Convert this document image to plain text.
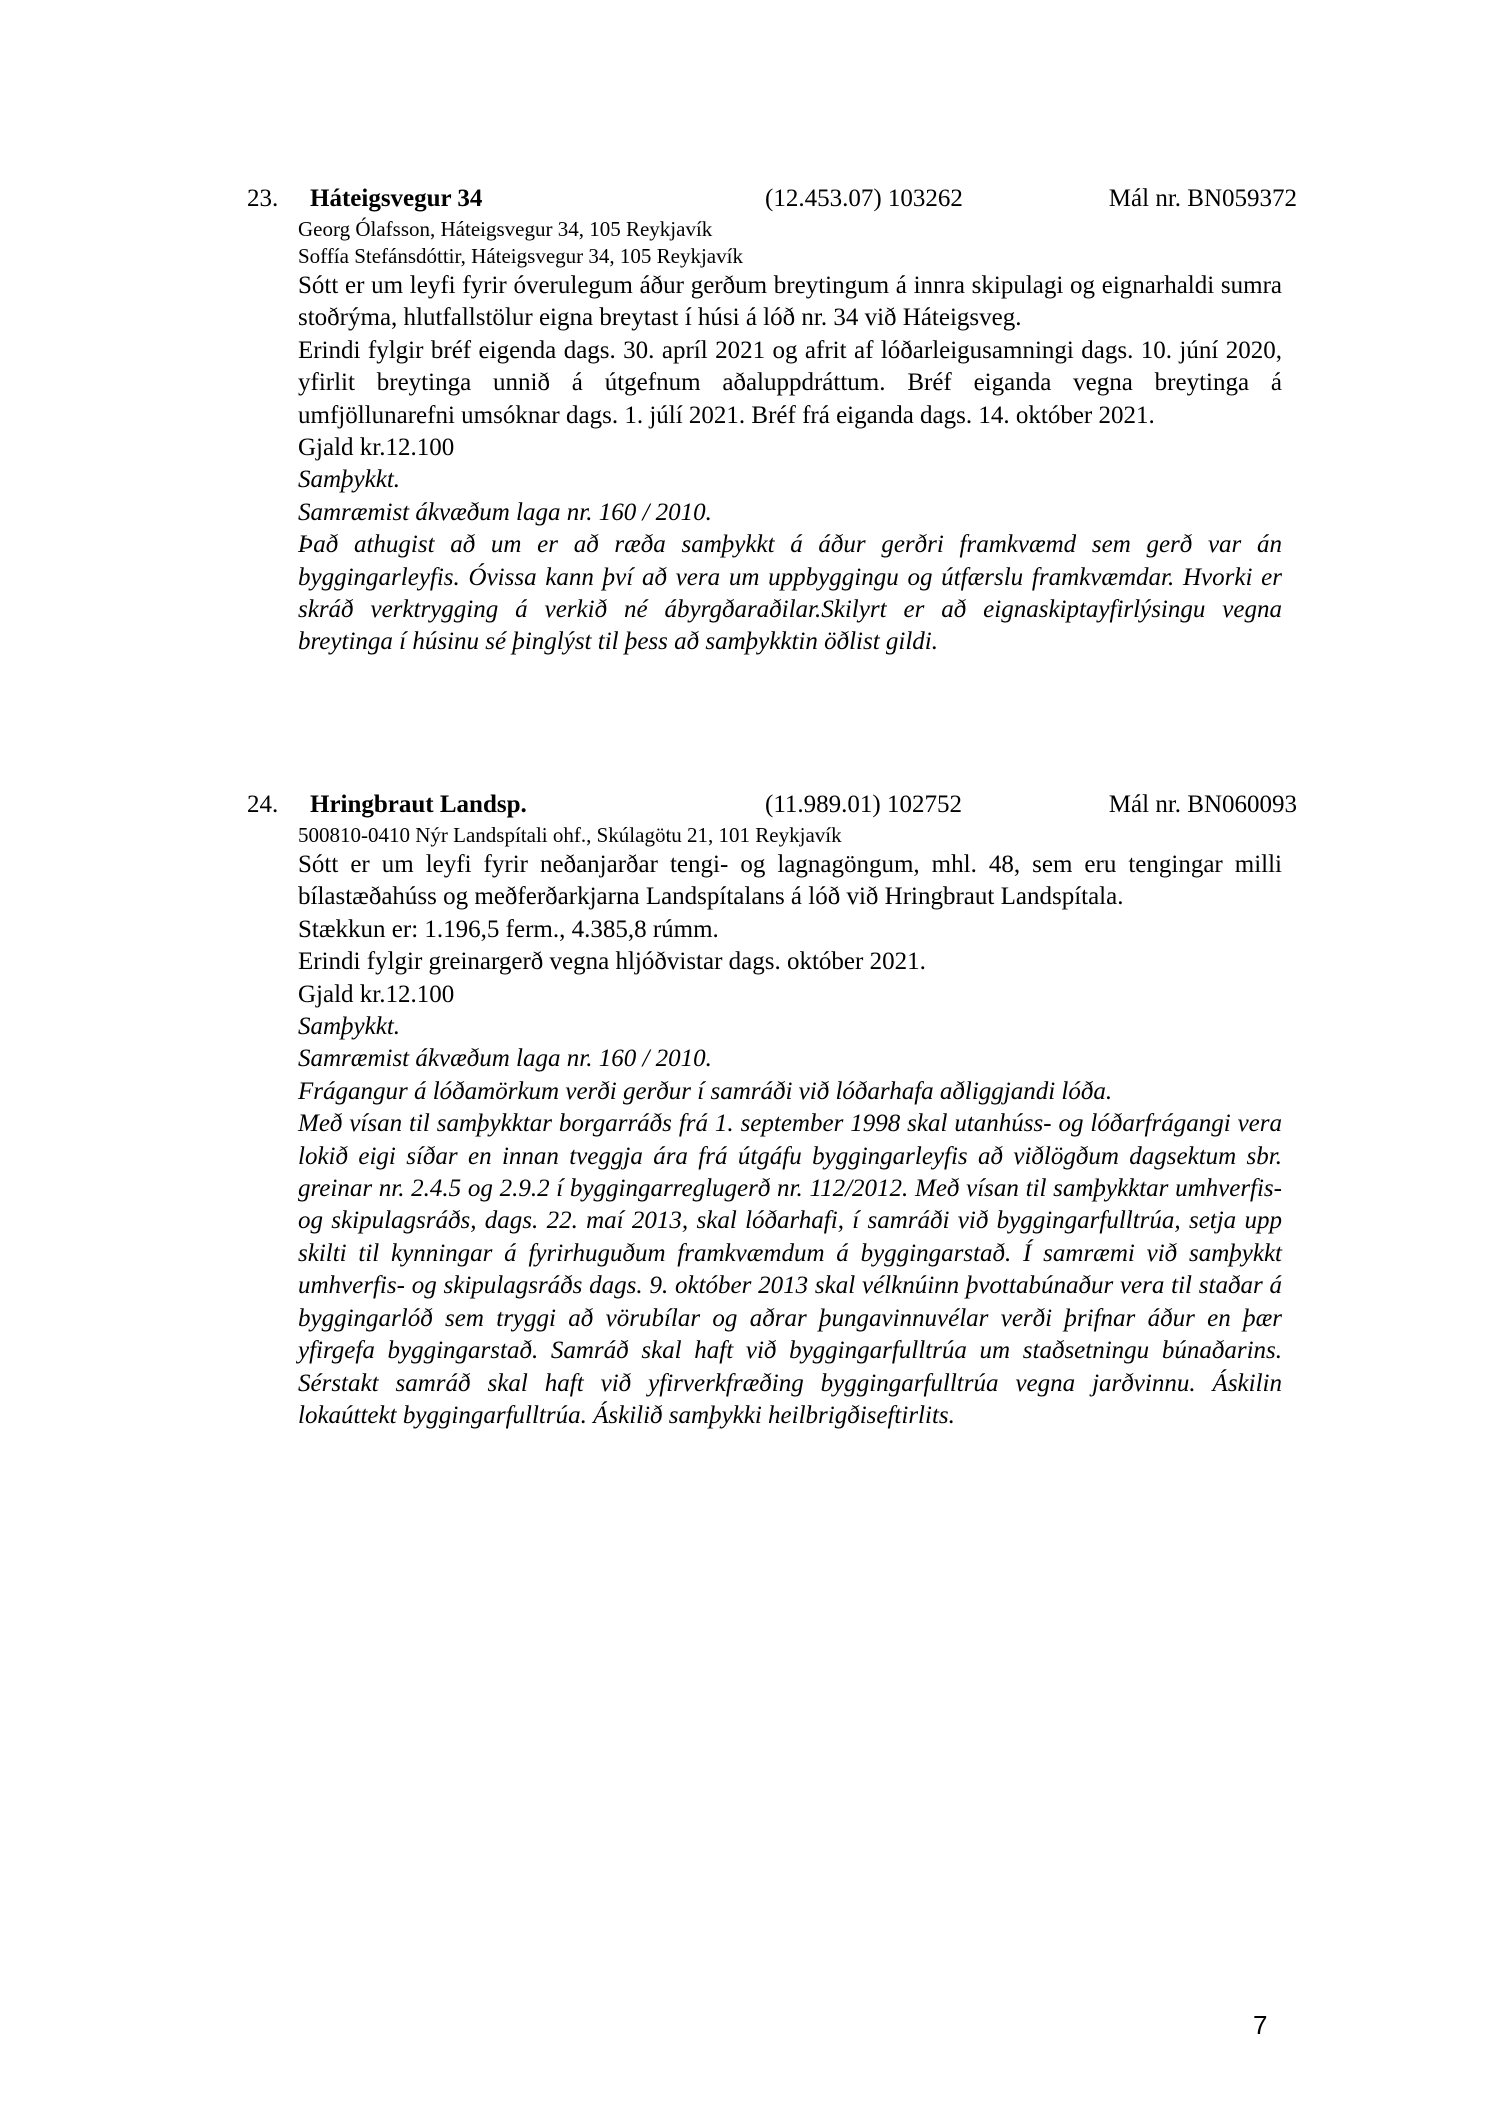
23. Háteigsvegur 34	(12.453.07) 103262	Mál nr. BN059372
Georg Ólafsson, Háteigsvegur 34, 105 Reykjavík
Soffía Stefánsdóttir, Háteigsvegur 34, 105 Reykjavík

Sótt er um leyfi fyrir óverulegum áður gerðum breytingum á innra skipulagi og eignarhaldi sumra stoðrýma, hlutfallstölur eigna breytast í húsi á lóð nr. 34 við Háteigsveg.

Erindi fylgir bréf eigenda dags. 30. apríl 2021 og afrit af lóðarleigusamningi dags. 10. júní 2020, yfirlit breytinga unnið á útgefnum aðaluppdráttum. Bréf eiganda vegna breytinga á umfjöllunarefni umsóknar dags. 1. júlí 2021. Bréf frá eiganda dags. 14. október 2021.

Gjald kr.12.100

Samþykkt.

Samræmist ákvæðum laga nr. 160 / 2010.

Það athugist að um er að ræða samþykkt á áður gerðri framkvæmd sem gerð var án byggingarleyfis. Óvissa kann því að vera um uppbyggingu og útfærslu framkvæmdar. Hvorki er skráð verktrygging á verkið né ábyrgðaraðilar.Skilyrt er að eignaskiptayfirlýsingu vegna breytinga í húsinu sé þinglýst til þess að samþykktin öðlist gildi.

24. Hringbraut Landsp.	(11.989.01) 102752	Mál nr. BN060093
500810-0410 Nýr Landspítali ohf., Skúlagötu 21, 101 Reykjavík

Sótt er um leyfi fyrir neðanjarðar tengi- og lagnagöngum, mhl. 48, sem eru tengingar milli bílastæðahúss og meðferðarkjarna Landspítalans á lóð við Hringbraut Landspítala.

Stækkun er: 1.196,5 ferm., 4.385,8 rúmm.

Erindi fylgir greinargerð vegna hljóðvistar dags. október 2021.

Gjald kr.12.100

Samþykkt.

Samræmist ákvæðum laga nr. 160 / 2010.

Frágangur á lóðamörkum verði gerður í samráði við lóðarhafa aðliggjandi lóða.

Með vísan til samþykktar borgarráðs frá 1. september 1998 skal utanhúss- og lóðarfrágangi vera lokið eigi síðar en innan tveggja ára frá útgáfu byggingarleyfis að viðlögðum dagsektum sbr. greinar nr. 2.4.5 og 2.9.2 í byggingarreglugerð nr. 112/2012. Með vísan til samþykktar umhverfis- og skipulagsráðs, dags. 22. maí 2013, skal lóðarhafi, í samráði við byggingarfulltrúa, setja upp skilti til kynningar á fyrirhuguðum framkvæmdum á byggingarstað. Í samræmi við samþykkt umhverfis- og skipulagsráðs dags. 9. október 2013 skal vélknúinn þvottabúnaður vera til staðar á byggingarlóð sem tryggi að vörubílar og aðrar þungavinnuvélar verði þrifnar áður en þær yfirgefa byggingarstað. Samráð skal haft við byggingarfulltrúa um staðsetningu búnaðarins. Sérstakt samráð skal haft við yfirverkfræðing byggingarfulltrúa vegna jarðvinnu. Áskilin lokaúttekt byggingarfulltrúa. Áskilið samþykki heilbrigðiseftirlits.

7
